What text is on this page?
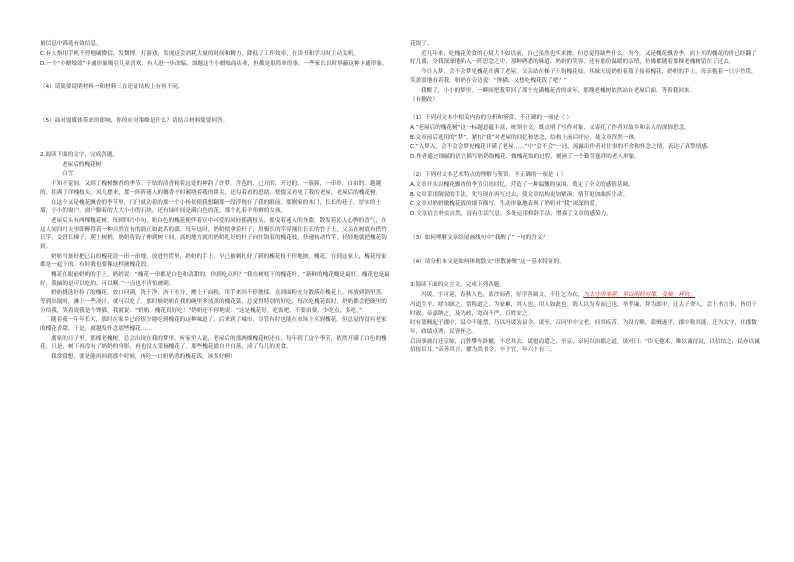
量信息中筛选有效信息。

C.有人指用手机不停地刷微信、发微博，打游戏，发现这会消耗大量的时间和精力，降低了工作效率，在读书和学习时主动关机。

D.一个“小蜡烛效”卡通形象吸引儿童喜欢，有人进一步改编，加题这个小蜡烛商店业，但都是很简单的事，一些家长以时屏蔽这种卡通形象。

（4）请简要说明材料一和材料三在论证结构上有何不同。

（5）面对弱媒体带来的影响，你的应对策略是什么？请结合材料简要回答。

2.阅读下面的文字，完成各题。

老屋后的槐花树

白雪

不知不觉间，又到了槐树飘香的季节。于钻的清香和着远处的神韵了许梦，含苞的，已开的，开过的，一簇簇，一串串，自由的，越越的，挂满了洋槐枝头，风儿摆来，那一阵阵迷人的馨香不时萦绕着我的鼻尖，还勾着看的思绪，恍惚又看见了我的老屋，老屋后的槐花树。

在这个又是槐花飘香的季节里，门闩就动着的那一个小扬景使我想翻那一段浮现在了我的眼前。那刚家的木门，长长的巷子，厚实的土墙，小小的窗户，窗户脚着的大大小小的石块，还有绿叶间是满白色的花，那个扎着羊角辫的女孩，

老屋后头有两棵槐花树，每到四月中旬，奶白色的槐花便伴着宣中可爱的风轻摇满枝头，摇曳着迷人的身姿，散发着沁人心脾的香气，在这人间四月天里即醉得着一种自然宜有的韵正如此若的我，每年这时，奶奶便拿着杆子，用极长的竿穿捅住长长的竹子上，父亲在树底有搭竹长竿，交替长梯子，爬上树梢，奶奶将钩子伸到树干间，高的地方就用奶奶扎好的杆子向往钩着的槐花枝，快速转动竹竿，轻轻地就把槐花钩到。

奶奶当备好把已白的槐花清一串一串地，放进竹筐里，奶奶的手上，早已被刺扎好了刺的槐花枝不停地掳，槐花，在到这家上，槐花每家都是一起下的。有时我也要像这样掳槐花的。

槐花在眼前奶奶的手上，奶奶说：“槐花一串都是白色和清甜的，你到吃点吗？”我在树枝下的槐花叶，“新鲜的槐花瓣是最好，槐花也是最好，我摘的是可以吃的，可以啊。”一点也不害怕被刺。

奶奶挑选好捡了的槐花，放口问满，洗干净，沥干水分，掺上干面粉，用手来回不停地揉，直到面粉充分散落在槐花上。再放到锅里蒸，等到出锅时，淋上一些浇汁，就可以吃了。那时候奶奶在我的碗里多放蒸的槐花菜，总觉得特别的好吃，每次吃槐花饭时，奶奶都会把碗里的分给我，笑着说我是个馋猫，我就说：“奶奶，槐花真好吃！”奶奶还不停地说：“这是槐花好，吃饭吧，不要浪费，少吃点，多吃。”

随着我一年年长大，那时在家乡已经很少能吃到槐花的这种味道了。后来到了城市，尽管有时也能在市场上买到槐花，但总觉得没有老家的槐花香甜，于是，就越发怀念那些槐花……

离家的日子里，那棵老槐树，总会出现在我的梦里，听家里人说，老屋后的那两棵槐花树还在，每年到了这个季节，依然开满了白色的槐花，只是，树下再没有了奶奶的身影，再也没人采摘槐花了。那些槐花就自开自落，成了鸟儿的美食。

我常常想，要是能再回到那个时候，再吃一口奶奶蒸的槐花饭，该多好啊！

花饭了。

近几年来，吃槐花美食的心境大不如以前，自己虽然也买来掺，但总觉得缺些什么。为今，又是槐花飘香季，而上买的槐花的价已经翻了好几番，令我深深地陷入一阵思念之中。那种熟悉的味道、奶奶的笑容、还有那份温暖的亲情，仿佛都随着那棵老槐树留在了过去。

今日入梦，会不会梦见槐花开满了老屋，父亲站在梯子上钩槐花枝，其妹天说奶奶着篮子接着槐花，奶奶的手上，母亲抱着一只小竹筐，笑盈盈地看着我，奶奶在旁边说：“馋猫，又想吃槐花饭了吧？”

我醒了，小小的梦里，一瞬间把我带回了那个充满槐花香的童年，那棵老槐树依然站在老屋后面，等着我回来。

（有删改）

（1）下列对文本中相关内容的分析和鉴赏，不正确的一项是（ ）

A.“老屋后的槐花树”这一标题意蕴丰富，统领全文，既点明了写作对象，又寄托了作者对故乡和亲人的深情思念。

B.文章前后选用的“梦”，紧扣“我”对老屋的回忆和思念，结构上前后呼应，使文章浑然一体。

C.“入梦入。会不会会梦见槐花开满了老屋……”中“会不会”一词，流露出作者对往事的不舍和怀念之情，表达了真挚情感。

D.作者通过细腻的语言描写奶奶钩槐花、做槐花饭的过程，刻画了一个勤劳慈祥的老人形象。

（2）下列对文本艺术特点的理解与鉴赏，不正确的一项是（ ）

A.文章开头以槐花飘香的季节引出回忆，营造了一种温馨的氛围，奠定了全文的感情基调。

B.文章采用倒叙的手法，先写现在再写过去，使文章结构更加紧凑，情节更加曲折生动。

C.文章对奶奶做槐花饭的细节描写，生动形象地表现了奶奶对“我”深深的爱。

D.文章语言朴实自然，富有生活气息，多处运用修辞手法，增强了文章的感染力。

（3）如何理解文章结尾画线句中“我醒了”一句的含义？

（4）请分析本文是如何体现散文“形散神聚”这一基本特征的。

3.阅读下面的文言文，完成下列各题。

冯谖，字可迎，春秋人也，蓝沙间者，好学善属文，不仕乞为衣，为太守所举荐，举以明经对策，及第，拜官。

冯道生平，嗟尔顾之，常称道之，为家累，其人也，用人如此也。谓人以为寿而已也，举孝廉，拜为郎中，迁太子舍人，尝上书言事，皆切于时政，帝嘉纳之，及为政，宽而不严，百姓安之。

时有盗贼起于郡中，县令不能禁，乃以冯谖为县令，谖至，召问里中父老，问其疾苦，为设方略，盗贼遂平，郡中称其能，迁为太守，在郡数年，政绩卓著，民皆怀之。

后因事被召还京师，百姓攀车卧辙，不忍其去，谖慰而遣之，至京，帝问以治郡之道，谖对曰：“臣无他术，唯以诚待民，以信结之，民亦以诚信报臣耳。”帝善其言，擢为尚书令，卒于官，年六十有三。
